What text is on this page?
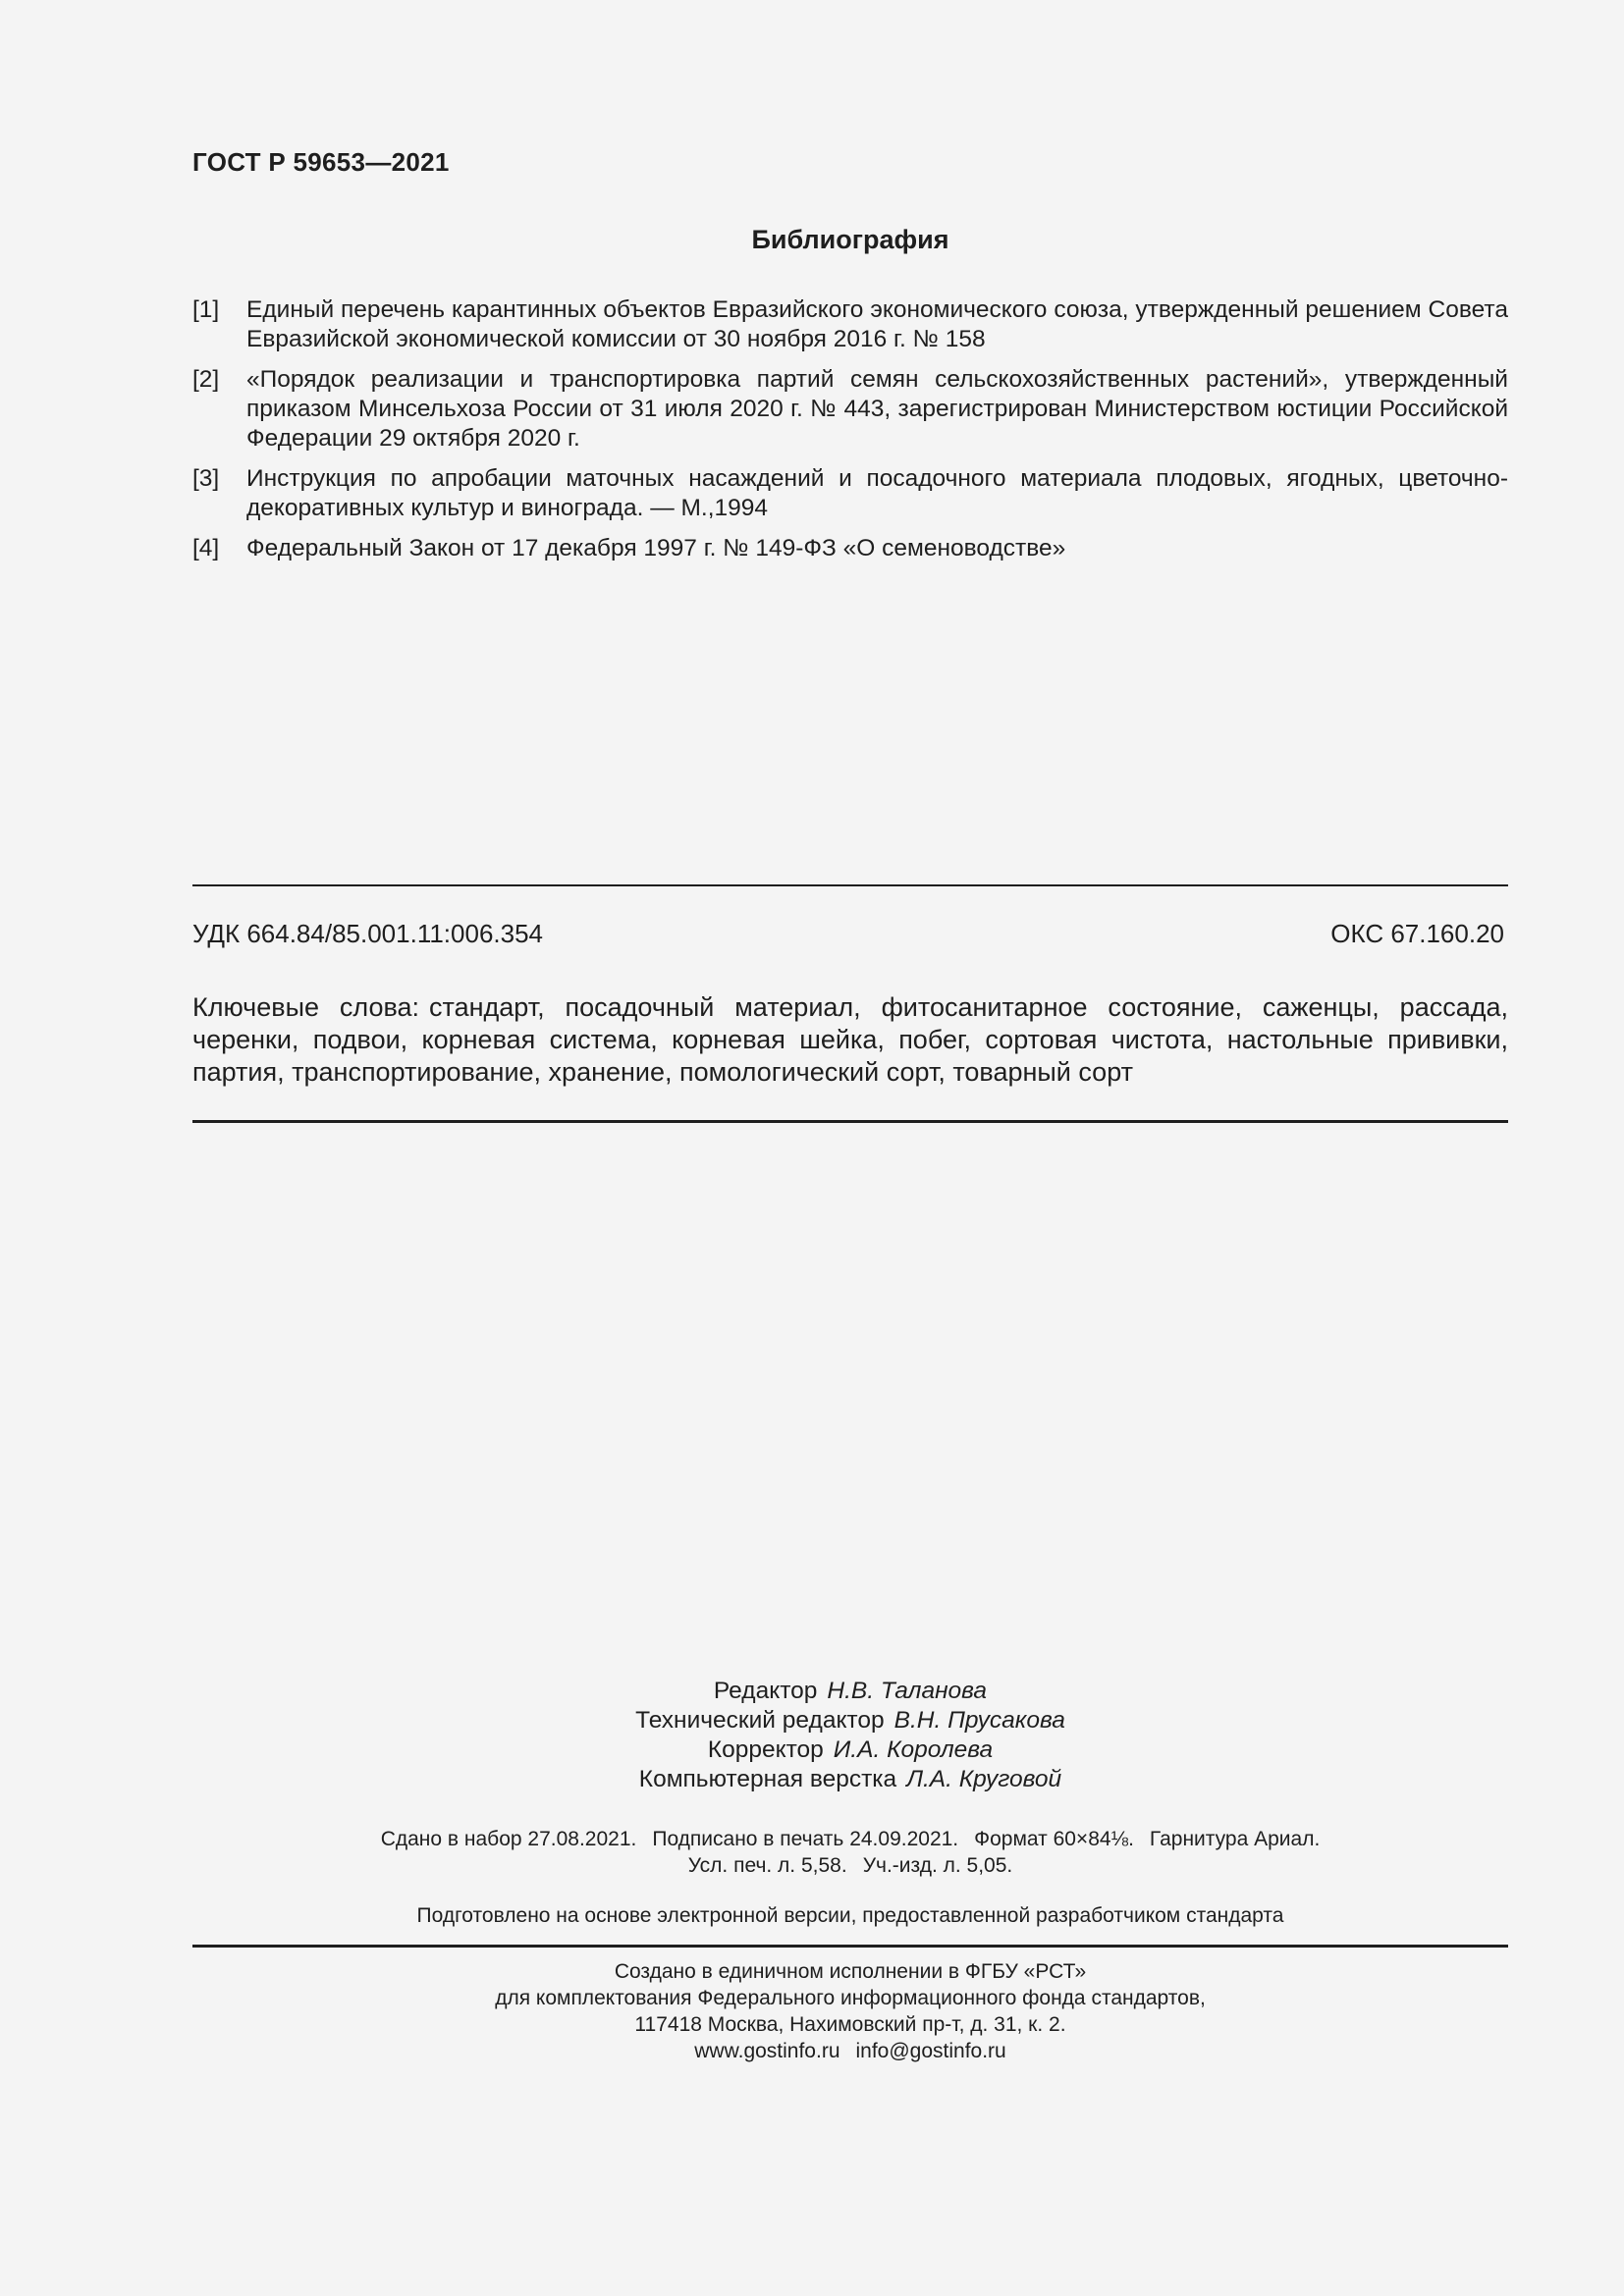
ГОСТ Р 59653—2021
Библиография
[1]	Единый перечень карантинных объектов Евразийского экономического союза, утвержденный решением Совета Евразийской экономической комиссии от 30 ноября 2016 г. № 158
[2]	«Порядок реализации и транспортировка партий семян сельскохозяйственных растений», утвержденный приказом Минсельхоза России от 31 июля 2020 г. № 443, зарегистрирован Министерством юстиции Российской Федерации 29 октября 2020 г.
[3]	Инструкция по апробации маточных насаждений и посадочного материала плодовых, ягодных, цветочно-декоративных культур и винограда. — М.,1994
[4]	Федеральный Закон от 17 декабря 1997 г. № 149-ФЗ «О семеноводстве»
УДК 664.84/85.001.11:006.354	ОКС 67.160.20
Ключевые слова: стандарт, посадочный материал, фитосанитарное состояние, саженцы, рассада, черенки, подвои, корневая система, корневая шейка, побег, сортовая чистота, настольные прививки, партия, транспортирование, хранение, помологический сорт, товарный сорт
Редактор Н.В. Таланова
Технический редактор В.Н. Прусакова
Корректор И.А. Королева
Компьютерная верстка Л.А. Круговой
Сдано в набор 27.08.2021. Подписано в печать 24.09.2021. Формат 60×84⅛. Гарнитура Ариал.
Усл. печ. л. 5,58. Уч.-изд. л. 5,05.
Подготовлено на основе электронной версии, предоставленной разработчиком стандарта
Создано в единичном исполнении в ФГБУ «РСТ»
для комплектования Федерального информационного фонда стандартов,
117418 Москва, Нахимовский пр-т, д. 31, к. 2.
www.gostinfo.ru info@gostinfo.ru
